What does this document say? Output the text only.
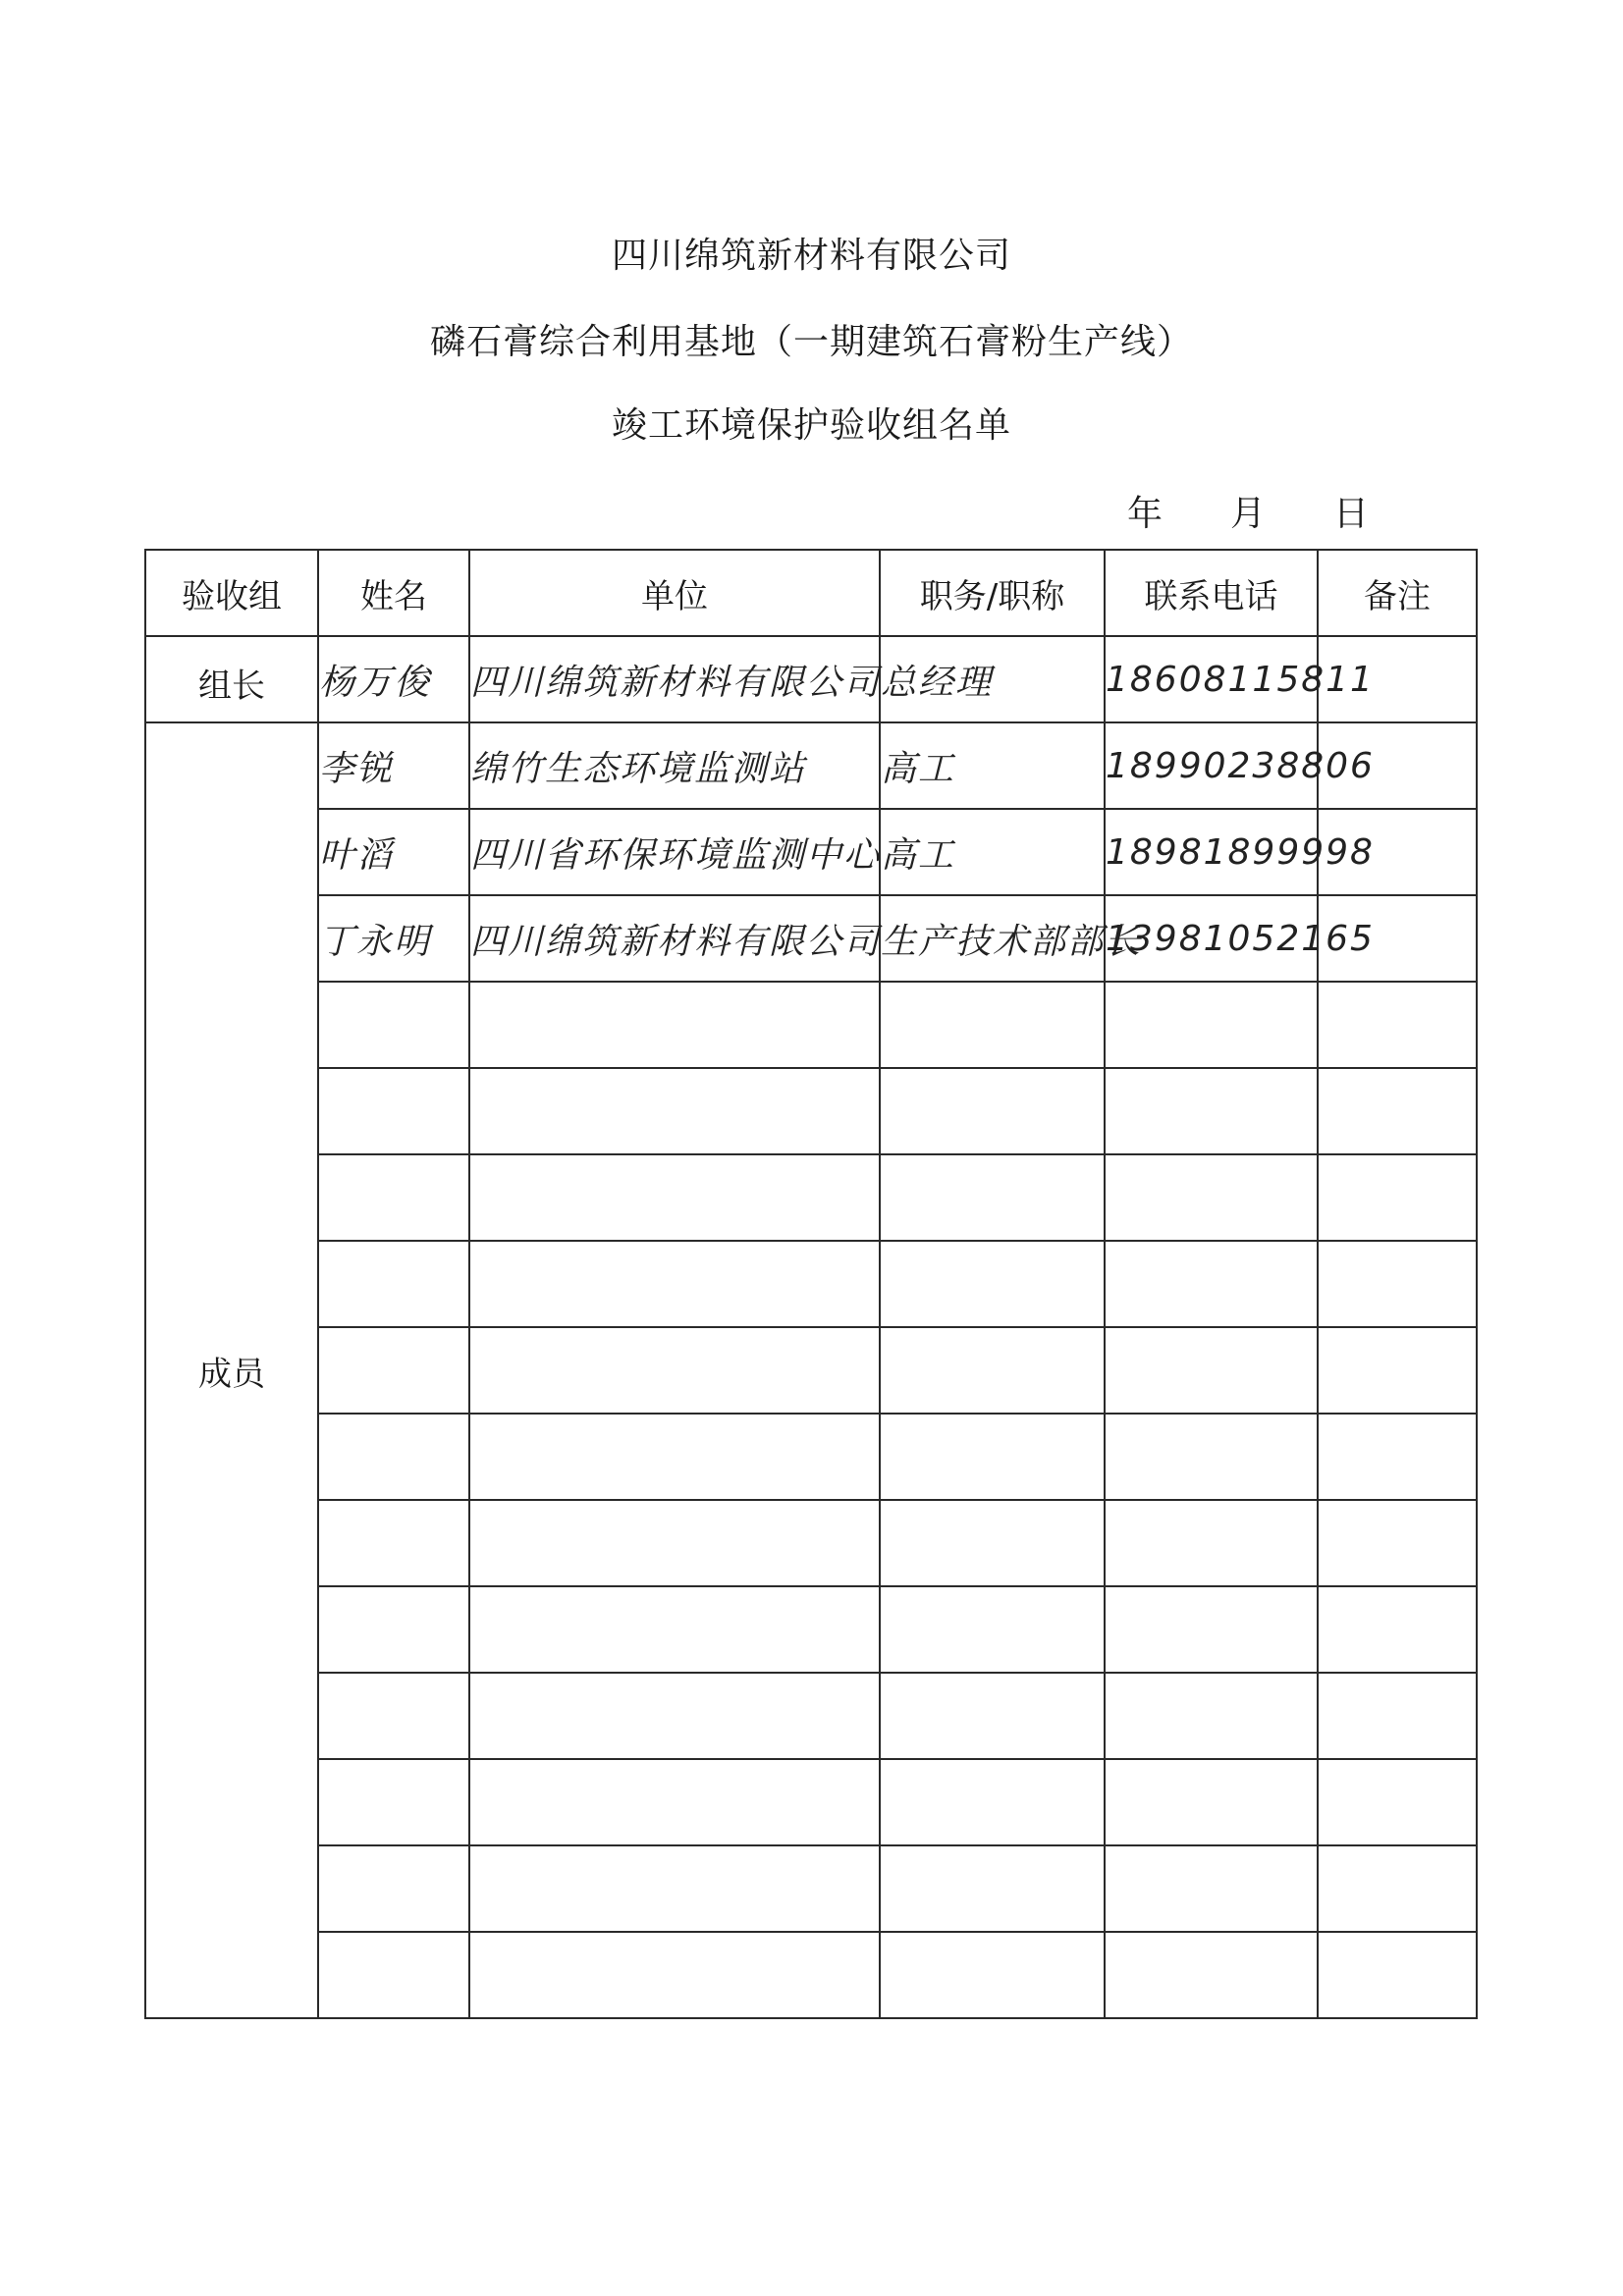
四川绵筑新材料有限公司
磷石膏综合利用基地（一期建筑石膏粉生产线）
竣工环境保护验收组名单
年 月 日
验收组	姓名	单位	职务/职称	联系电话	备注

组长	杨万俊	四川绵筑新材料有限公司	总经理	18608115811	
成员	李锐	绵竹生态环境监测站	高工	18990238806	
	叶滔	四川省环保环境监测中心	高工	18981899998	
	丁永明	四川绵筑新材料有限公司	生产技术部部长	13981052165	
